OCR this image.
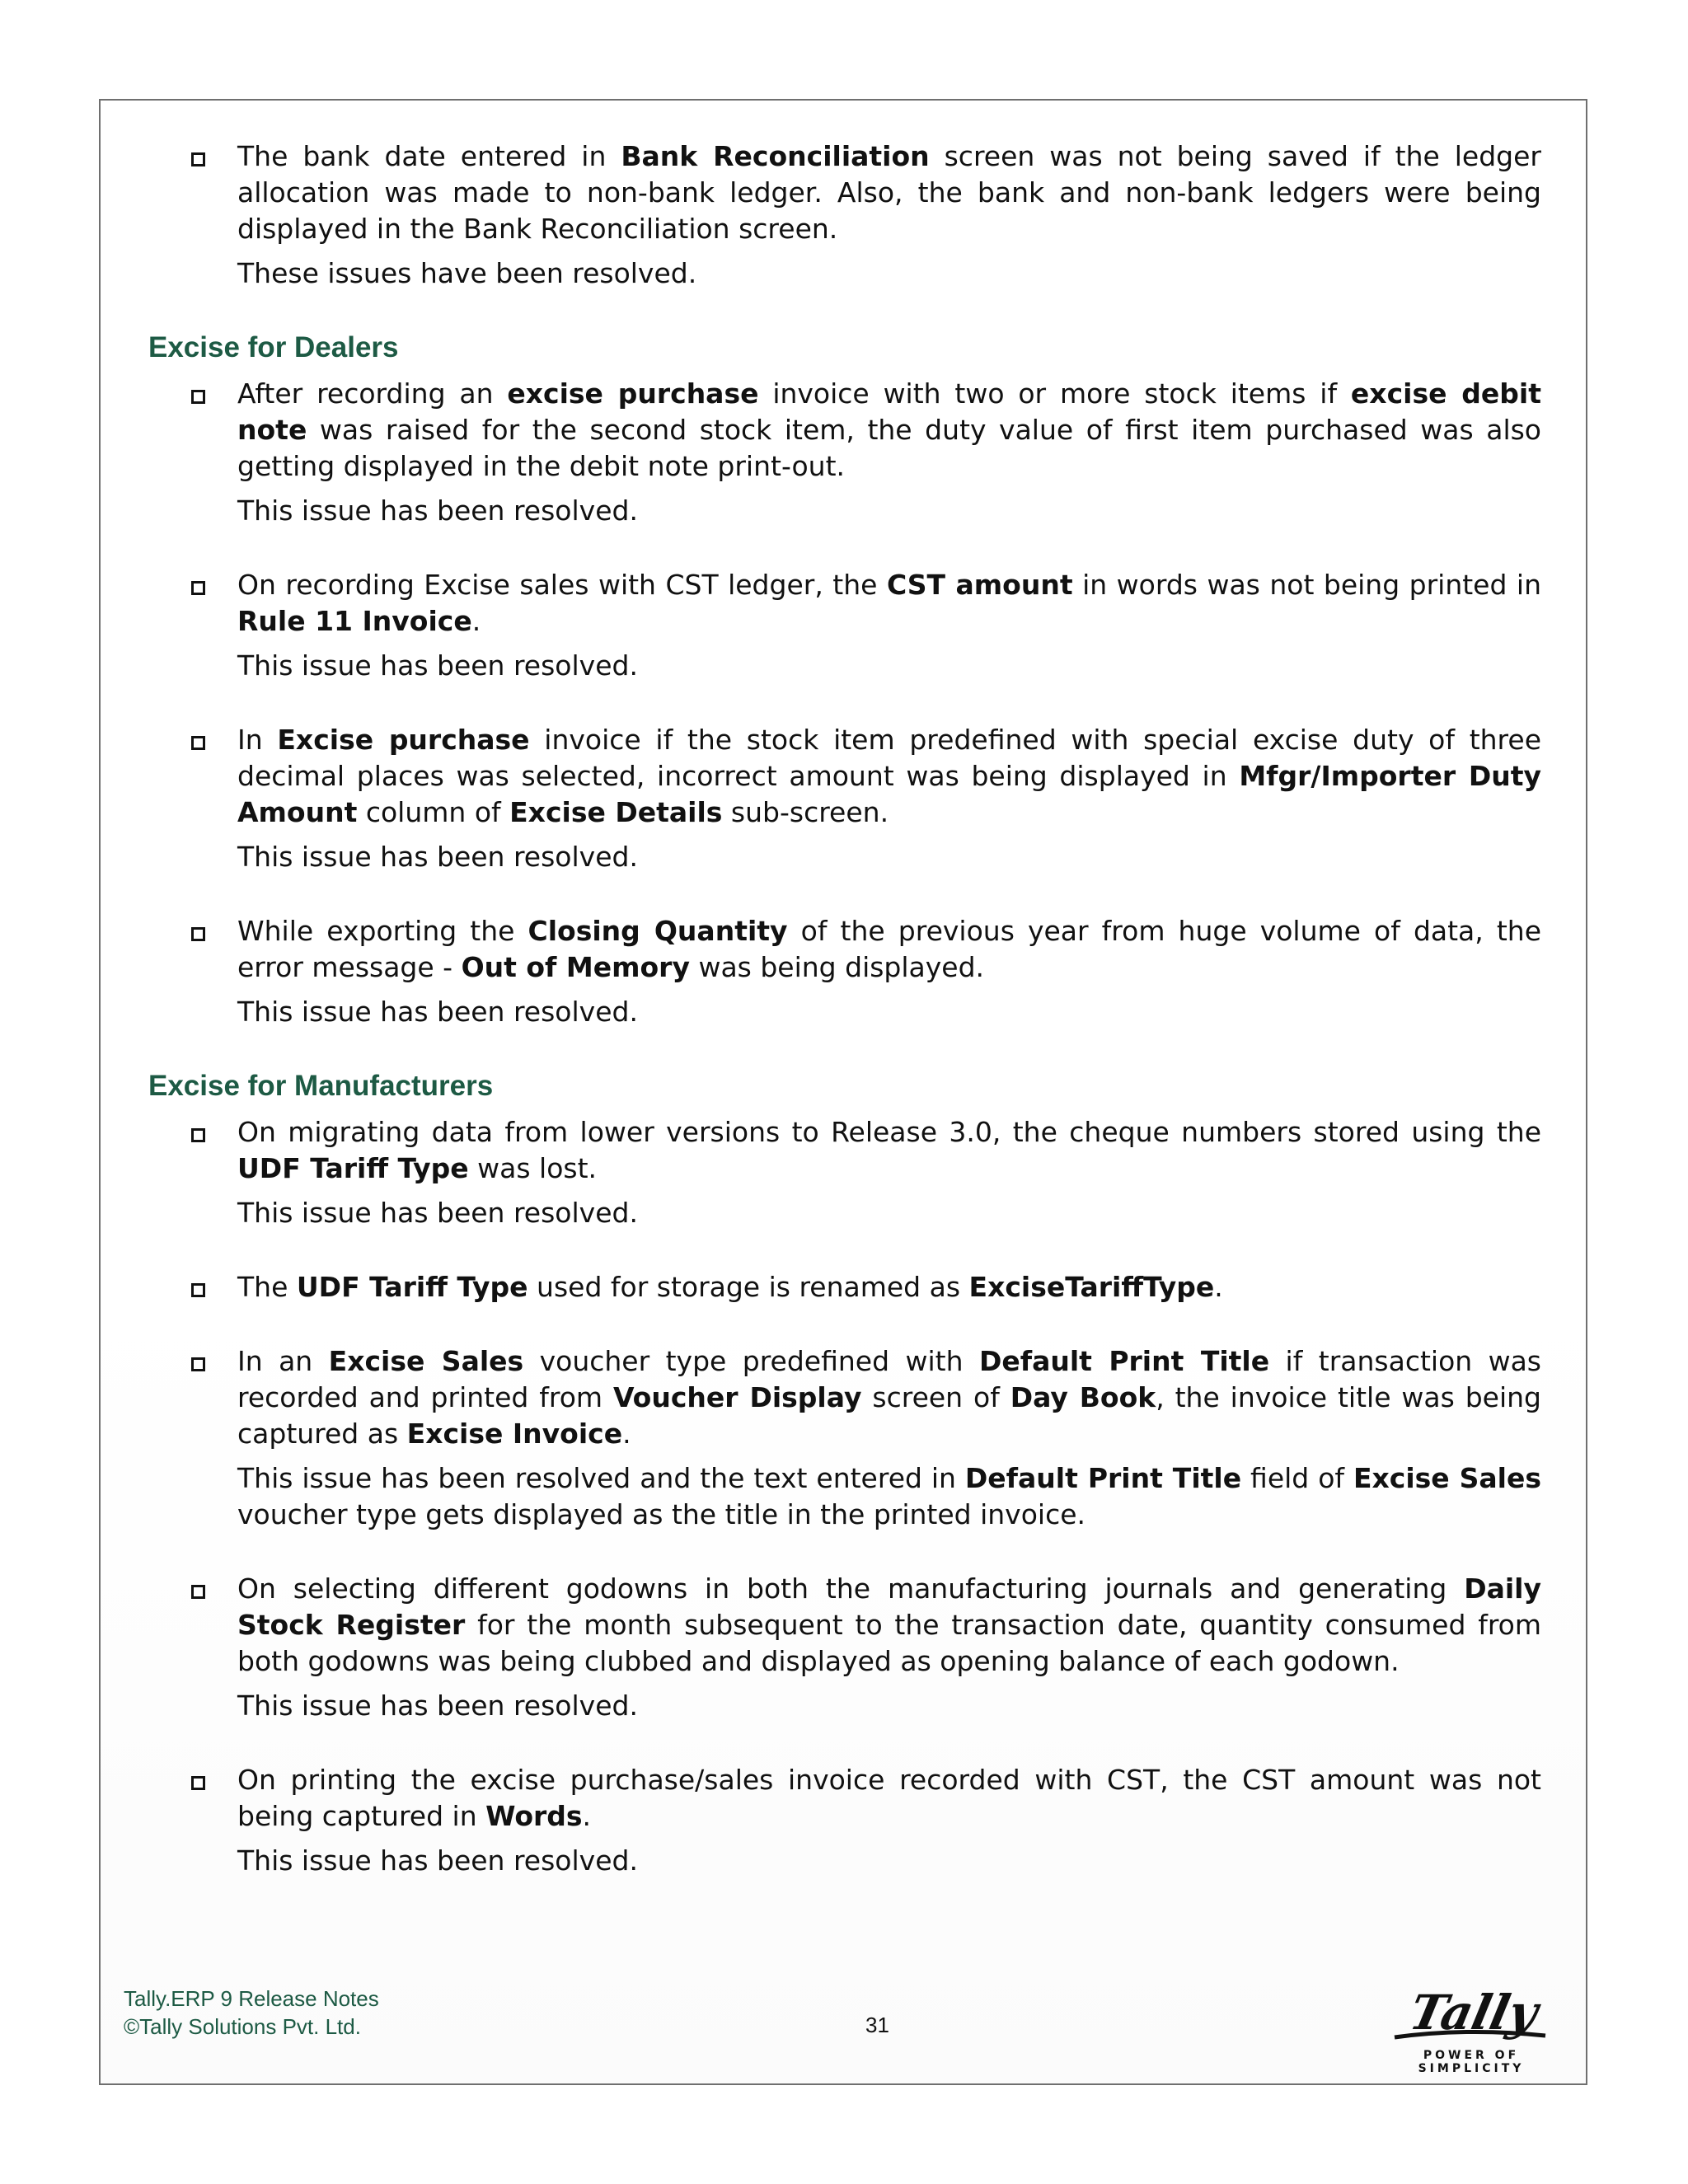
The bank date entered in Bank Reconciliation screen was not being saved if the ledger allocation was made to non-bank ledger. Also, the bank and non-bank ledgers were being displayed in the Bank Reconciliation screen.

These issues have been resolved.

Excise for Dealers

After recording an excise purchase invoice with two or more stock items if excise debit note was raised for the second stock item, the duty value of first item purchased was also getting displayed in the debit note print-out.

This issue has been resolved.

On recording Excise sales with CST ledger, the CST amount in words was not being printed in Rule 11 Invoice.

This issue has been resolved.

In Excise purchase invoice if the stock item predefined with special excise duty of three decimal places was selected, incorrect amount was being displayed in Mfgr/Importer Duty Amount column of Excise Details sub-screen.

This issue has been resolved.

While exporting the Closing Quantity of the previous year from huge volume of data, the error message - Out of Memory was being displayed.

This issue has been resolved.

Excise for Manufacturers

On migrating data from lower versions to Release 3.0, the cheque numbers stored using the UDF Tariff Type was lost.

This issue has been resolved.

The UDF Tariff Type used for storage is renamed as ExciseTariffType.

In an Excise Sales voucher type predefined with Default Print Title if transaction was recorded and printed from Voucher Display screen of Day Book, the invoice title was being captured as Excise Invoice.

This issue has been resolved and the text entered in Default Print Title field of Excise Sales voucher type gets displayed as the title in the printed invoice.

On selecting different godowns in both the manufacturing journals and generating Daily Stock Register for the month subsequent to the transaction date, quantity consumed from both godowns was being clubbed and displayed as opening balance of each godown.

This issue has been resolved.

On printing the excise purchase/sales invoice recorded with CST, the CST amount was not being captured in Words.

This issue has been resolved.

Tally.ERP 9 Release Notes
©Tally Solutions Pvt. Ltd.	31	Tally
POWER OF SIMPLICITY
